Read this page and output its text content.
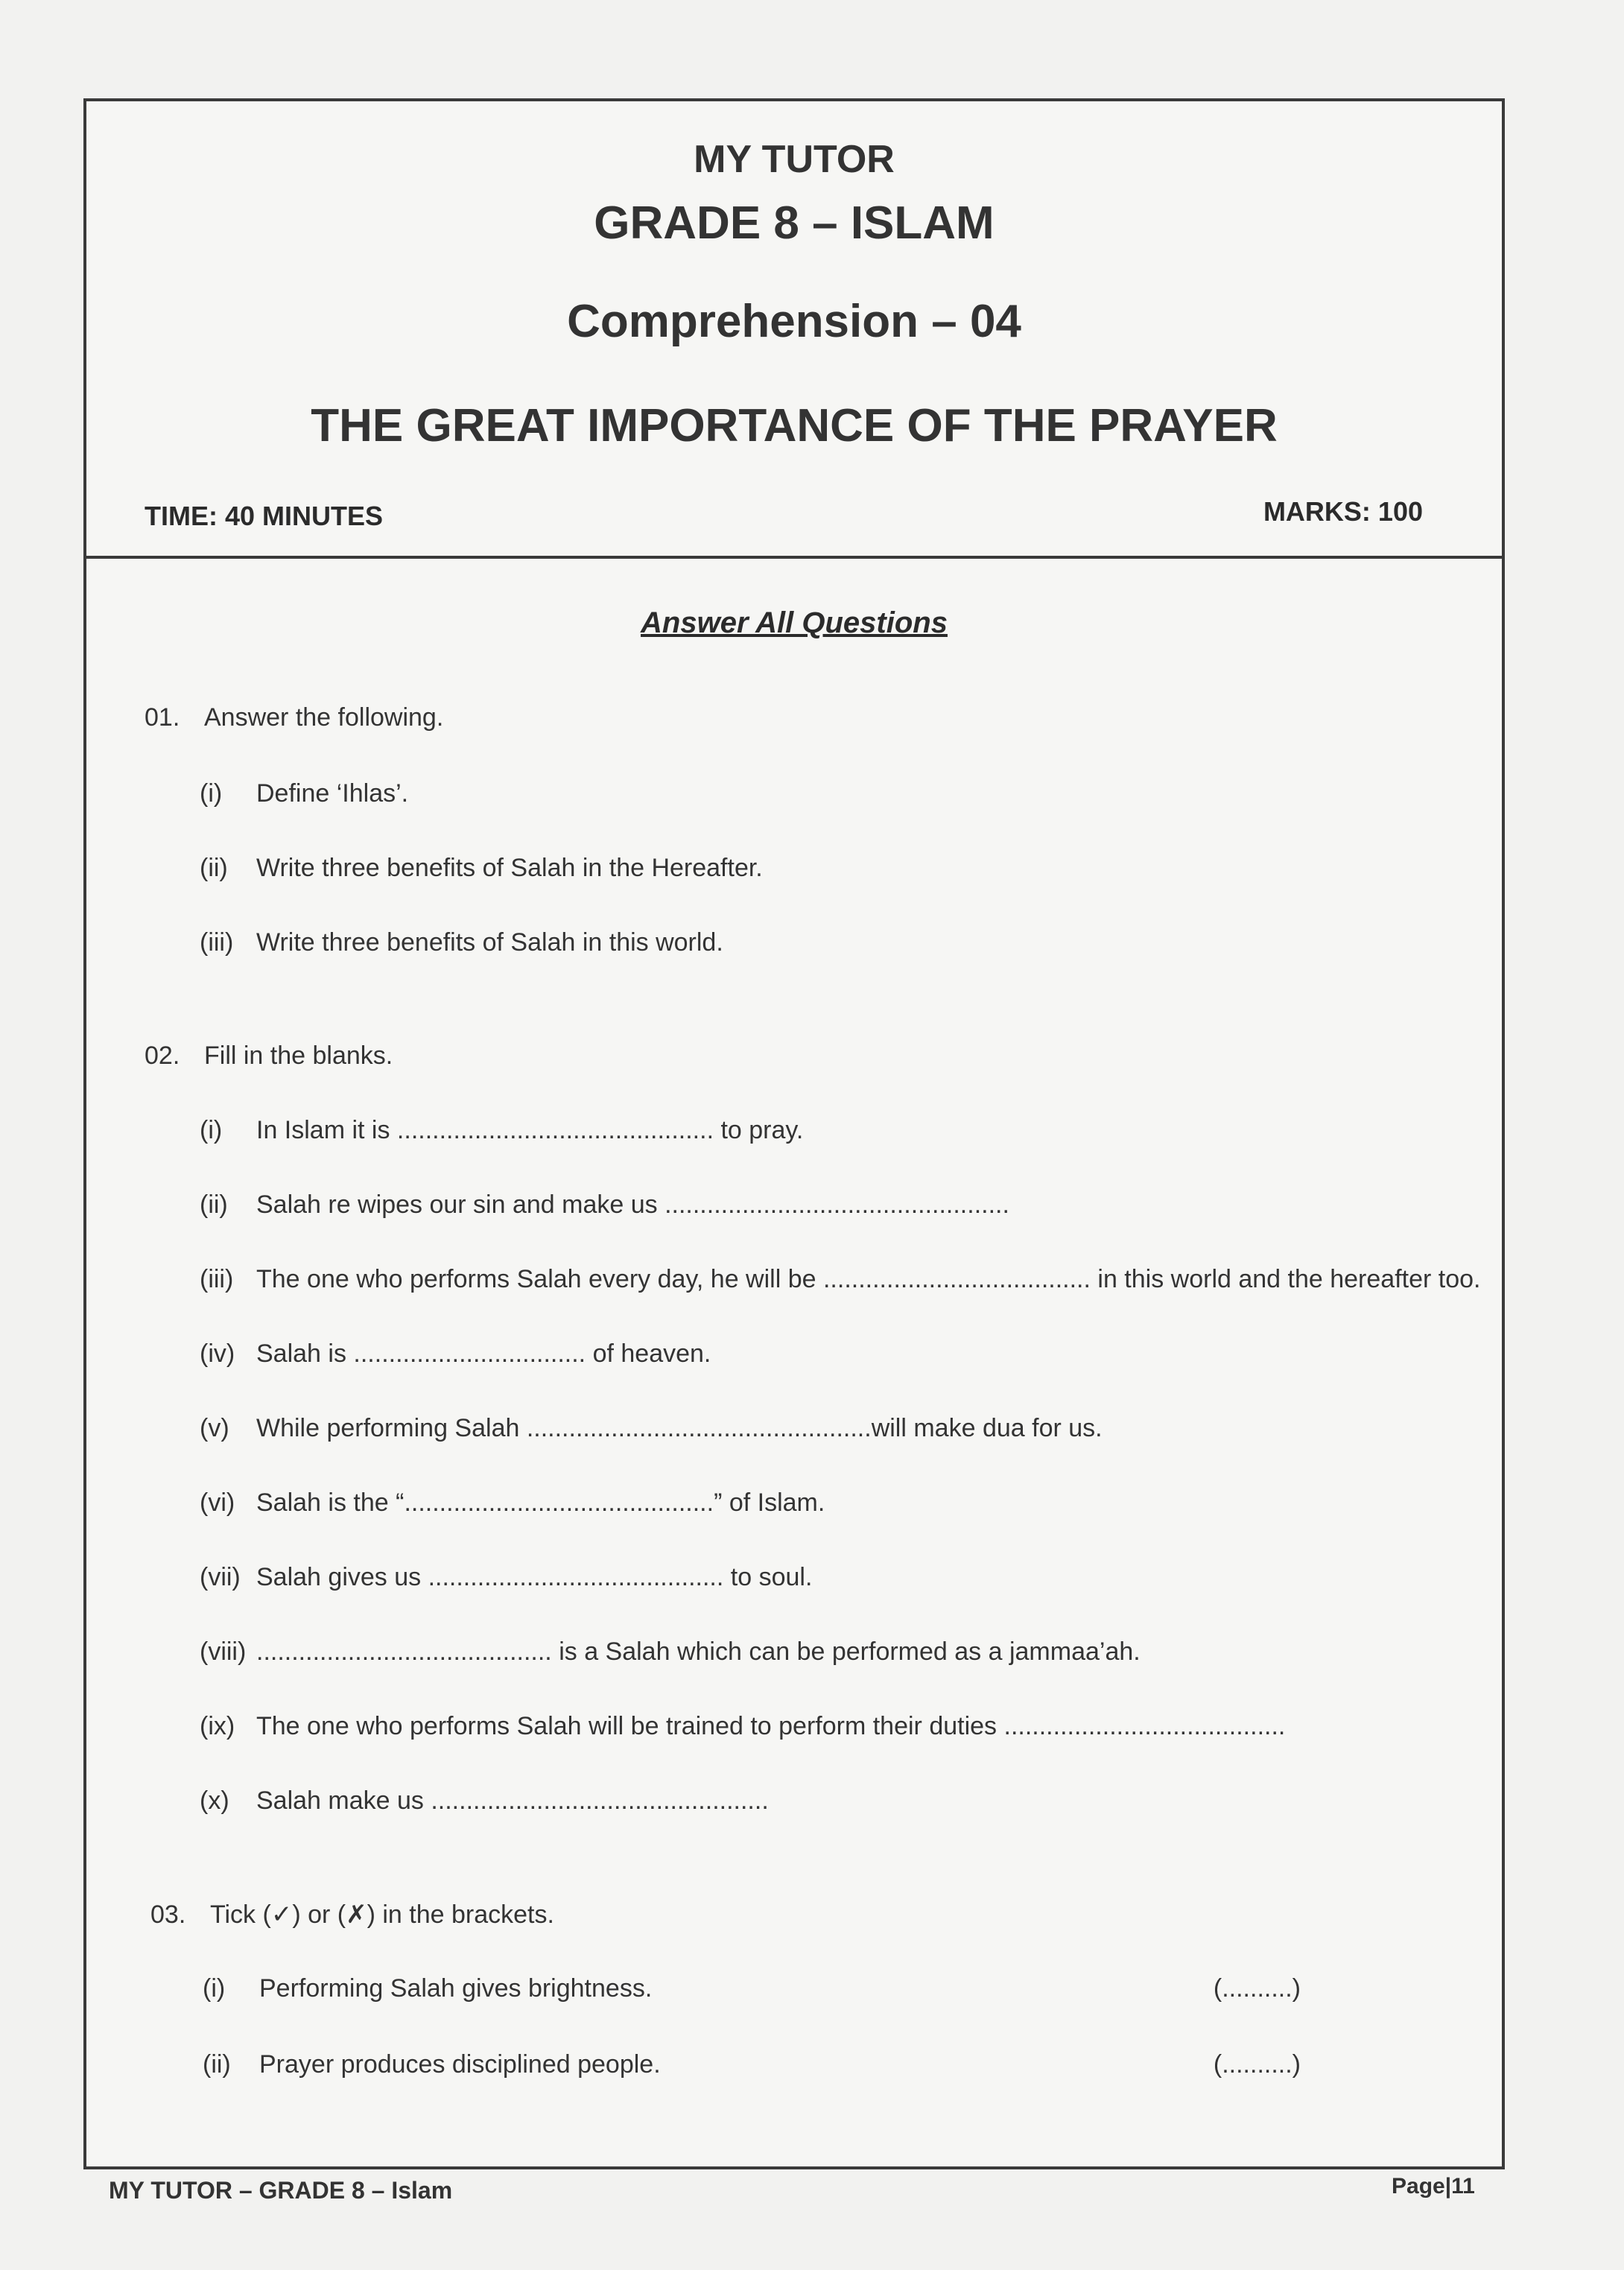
MY TUTOR
GRADE 8 – ISLAM
Comprehension – 04
THE GREAT IMPORTANCE OF THE PRAYER
TIME: 40 MINUTES	MARKS: 100
Answer All Questions
01. Answer the following.
(i) Define ‘Ihlas’.
(ii) Write three benefits of Salah in the Hereafter.
(iii) Write three benefits of Salah in this world.
02. Fill in the blanks.
(i) In Islam it is ............................................. to pray.
(ii) Salah re wipes our sin and make us .................................................
(iii) The one who performs Salah every day, he will be ...................................... in this world and the hereafter too.
(iv) Salah is ................................. of heaven.
(v) While performing Salah .................................................will make dua for us.
(vi) Salah is the “............................................” of Islam.
(vii) Salah gives us .......................................... to soul.
(viii) .......................................... is a Salah which can be performed as a jammaa’ah.
(ix) The one who performs Salah will be trained to perform their duties ........................................
(x) Salah make us ................................................
03. Tick (✓) or (✗) in the brackets.
(i) Performing Salah gives brightness.	(..........)
(ii) Prayer produces disciplined people.	(..........)
MY TUTOR – GRADE 8 – Islam	Page|11
